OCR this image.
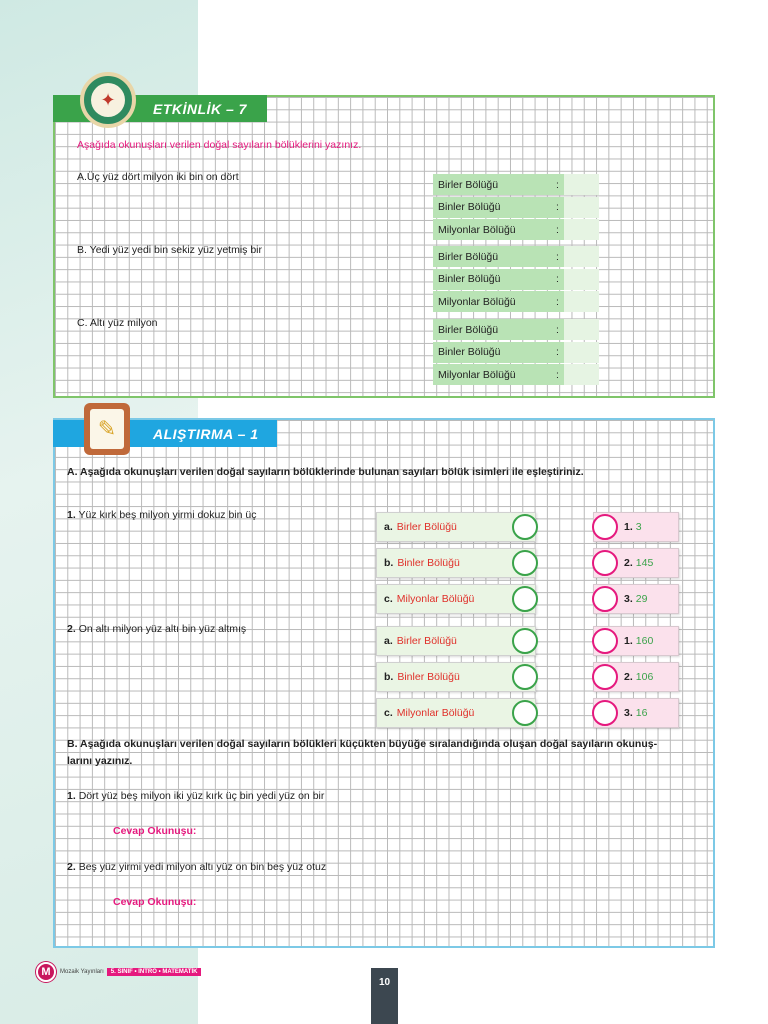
ETKİNLİK – 7
✦
Aşağıda okunuşları verilen doğal sayıların bölüklerini yazınız.
A.Üç yüz dört milyon iki bin on dört
B. Yedi yüz yedi bin sekiz yüz yetmiş bir
C. Altı yüz milyon
Birler Bölüğü	:
Binler Bölüğü	:
Milyonlar Bölüğü	:
Birler Bölüğü	:
Binler Bölüğü	:
Milyonlar Bölüğü	:
Birler Bölüğü	:
Binler Bölüğü	:
Milyonlar Bölüğü	:
ALIŞTIRMA – 1
✎
A. Aşağıda okunuşları verilen doğal sayıların bölüklerinde bulunan sayıları bölük isimleri ile eşleştiriniz.
1. Yüz kırk beş milyon yirmi dokuz bin üç
2. On altı milyon yüz altı bin yüz altmış
a. Birler Bölüğü
b. Binler Bölüğü
c. Milyonlar Bölüğü
1. 3
2. 145
3. 29
a. Birler Bölüğü
b. Binler Bölüğü
c. Milyonlar Bölüğü
1. 160
2. 106
3. 16
B. Aşağıda okunuşları verilen doğal sayıların bölükleri küçükten büyüğe sıralandığında oluşan doğal sayıların okunuş-
larını yazınız.
1. Dört yüz beş milyon iki yüz kırk üç bin yedi yüz on bir
Cevap Okunuşu:
2. Beş yüz yirmi yedi milyon altı yüz on bin beş yüz otuz
Cevap Okunuşu:
M	Mozaik Yayınları	5. SINIF • INTRO • MATEMATİK
10
